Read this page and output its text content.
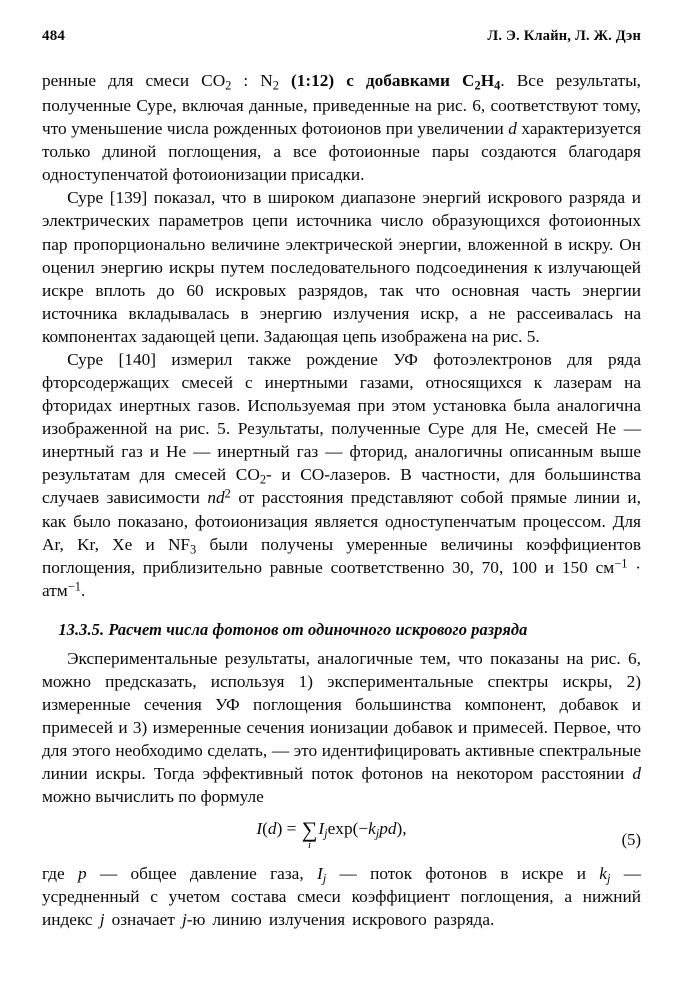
484	Л. Э. Клайн, Л. Ж. Дэн

ренные для смеси $CO_2$ : $N_2$ (1:12) с добавками $C_2H_4$. Все результаты, полученные Суре, включая данные, приведенные на рис. 6, соответствуют тому, что уменьшение числа рожденных фотоионов при увеличении d характеризуется только длиной поглощения, а все фотоионные пары создаются благодаря одноступенчатой фотоионизации присадки.

Суре [139] показал, что в широком диапазоне энергий искрового разряда и электрических параметров цепи источника число образующихся фотоионных пар пропорционально величине электрической энергии, вложенной в искру. Он оценил энергию искры путем последовательного подсоединения к излучающей искре вплоть до 60 искровых разрядов, так что основная часть энергии источника вкладывалась в энергию излучения искр, а не рассеивалась на компонентах задающей цепи. Задающая цепь изображена на рис. 5.

Суре [140] измерил также рождение УФ фотоэлектронов для ряда фторсодержащих смесей с инертными газами, относящихся к лазерам на фторидах инертных газов. Используемая при этом установка была аналогична изображенной на рис. 5. Результаты, полученные Суре для Не, смесей Не — инертный газ и Не — инертный газ — фторид, аналогичны описанным выше результатам для смесей $CO_2-$ и CO-лазеров. В частности, для большинства случаев зависимости $nd^2$ от расстояния представляют собой прямые линии и, как было показано, фотоионизация является одноступенчатым процессом. Для Ar, Kr, Xe и $NF_3$ были получены умеренные величины коэффициентов поглощения, приблизительно равные соответственно 30, 70, 100 и 150 $см^{-1} \cdot атм^{-1}$.

13.3.5. Расчет числа фотонов от одиночного искрового разряда

Экспериментальные результаты, аналогичные тем, что показаны на рис. 6, можно предсказать, используя 1) экспериментальные спектры искры, 2) измеренные сечения УФ поглощения большинства компонент, добавок и примесей и 3) измеренные сечения ионизации добавок и примесей. Первое, что для этого необходимо сделать, — это идентифицировать активные спектральные линии искры. Тогда эффективный поток фотонов на некотором расстоянии d можно вычислить по формуле

I(d) = ∑
i
$I_j\exp(-k_jpd)$,
(5)

где p — общее давление газа, $I_j$ — поток фотонов в искре и $k_j$ — усредненный с учетом состава смеси коэффициент поглощения, а нижний индекс j означает j-ю линию излучения искрового разряда.
